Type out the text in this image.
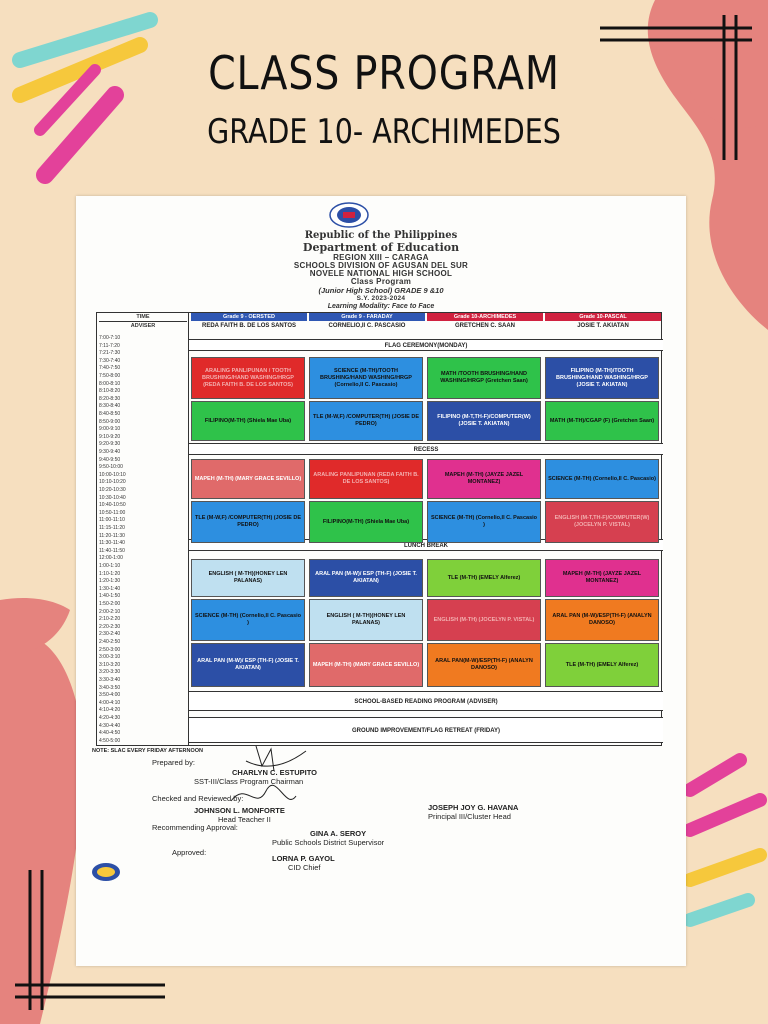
CLASS PROGRAM
GRADE 10- ARCHIMEDES
Republic of the Philippines
Department of Education
REGION XIII – CARAGA
SCHOOLS DIVISION OF AGUSAN DEL SUR
NOVELE NATIONAL HIGH SCHOOL
Class Program
(Junior High School) GRADE 9 &10
S.Y. 2023-2024
Learning Modality: Face to Face
TIME
ADVISER
7:00-7:10
7:11-7:20
7:21-7:30
7:30-7:40
7:40-7:50
7:50-8:00
8:00-8:10
8:10-8:20
8:20-8:30
8:30-8:40
8:40-8:50
8:50-9:00
9:00-9:10
9:10-9:20
9:20-9:30
9:30-9:40
9:40-9:50
9:50-10:00
10:00-10:10
10:10-10:20
10:20-10:30
10:30-10:40
10:40-10:50
10:50-11:00
11:00-11:10
11:15-11:20
11:20-11:30
11:30-11:40
11:40-11:50
12:00-1:00
1:00-1:10
1:10-1:20
1:20-1:30
1:30-1:40
1:40-1:50
1:50-2:00
2:00-2:10
2:10-2:20
2:20-2:30
2:30-2:40
2:40-2:50
2:50-3:00
3:00-3:10
3:10-3:20
3:20-3:30
3:30-3:40
3:40-3:50
3:50-4:00
4:00-4:10
4:10-4:20
4:20-4:30
4:30-4:40
4:40-4:50
4:50-5:00
Grade 9 - OERSTED
REDA FAITH B. DE LOS SANTOS
Grade 9 - FARADAY
CORNELIO,II C. PASCASIO
Grade 10-ARCHIMEDES
GRETCHEN C. SAAN
Grade 10-PASCAL
JOSIE T. AKIATAN
FLAG CEREMONY(MONDAY)
RECESS
LUNCH BREAK
SCHOOL-BASED READING PROGRAM (ADVISER)
GROUND IMPROVEMENT/FLAG RETREAT (FRIDAY)
ARALING PANLIPUNAN / TOOTH BRUSHING/HAND WASHING/HRGP (REDA FAITH B. DE LOS SANTOS)
SCIENCE (M-TH)/TOOTH BRUSHING/HAND WASHING/HRGP (Cornelio,II C. Pascasio)
MATH /TOOTH BRUSHING/HAND WASHING/HRGP (Gretchen Saan)
FILIPINO (M-TH)/TOOTH BRUSHING/HAND WASHING/HRGP (JOSIE T. AKIATAN)
FILIPINO(M-TH) (Shiela Mae Uba)
TLE (M-W,F) /COMPUTER(TH) (JOSIE DE PEDRO)
FILIPINO (M-T,TH-F)/COMPUTER(W) (JOSIE T. AKIATAN)
MATH (M-TH)/CGAP (F) (Gretchen Saan)
MAPEH (M-TH) (MARY GRACE SEVILLO)
ARALING PANLIPUNAN (REDA FAITH B. DE LOS SANTOS)
MAPEH (M-TH) (JAYZE JAZEL MONTANEZ)
SCIENCE (M-TH) (Cornelio,II C. Pascasio)
TLE (M-W,F) /COMPUTER(TH) (JOSIE DE PEDRO)
FILIPINO(M-TH) (Shiela Mae Uba)
SCIENCE (M-TH) (Cornelio,II C. Pascasio )
ENGLISH (M-T,TH-F)/COMPUTER(W) (JOCELYN P. VISTAL)
ENGLISH ( M-TH)(HONEY LEN PALANAS)
ARAL PAN (M-W)/ ESP (TH-F) (JOSIE T. AKIATAN)
TLE (M-TH) (EMELY Alferez)
MAPEH (M-TH) (JAYZE JAZEL MONTANEZ)
SCIENCE (M-TH) (Cornelio,II C. Pascasio )
ENGLISH ( M-TH)(HONEY LEN PALANAS)
ENGLISH (M-TH) (JOCELYN P. VISTAL)
ARAL PAN (M-W)/ESP(TH-F) (ANALYN DANOSO)
ARAL PAN (M-W)/ ESP (TH-F) (JOSIE T. AKIATAN)
MAPEH (M-TH) (MARY GRACE SEVILLO)
ARAL PAN(M-W)/ESP(TH-F) (ANALYN DANOSO)
TLE (M-TH) (EMELY Alferez)
NOTE: SLAC EVERY FRIDAY AFTERNOON
Prepared by:
CHARLYN C. ESTUPITO
SST-III/Class Program Chairman
Checked and Reviewed by:
JOHNSON L. MONFORTE
Head Teacher II
JOSEPH JOY G. HAVANA
Principal III/Cluster Head
Recommending Approval:
GINA A. SEROY
Public Schools District Supervisor
Approved:
LORNA P. GAYOL
CID Chief
